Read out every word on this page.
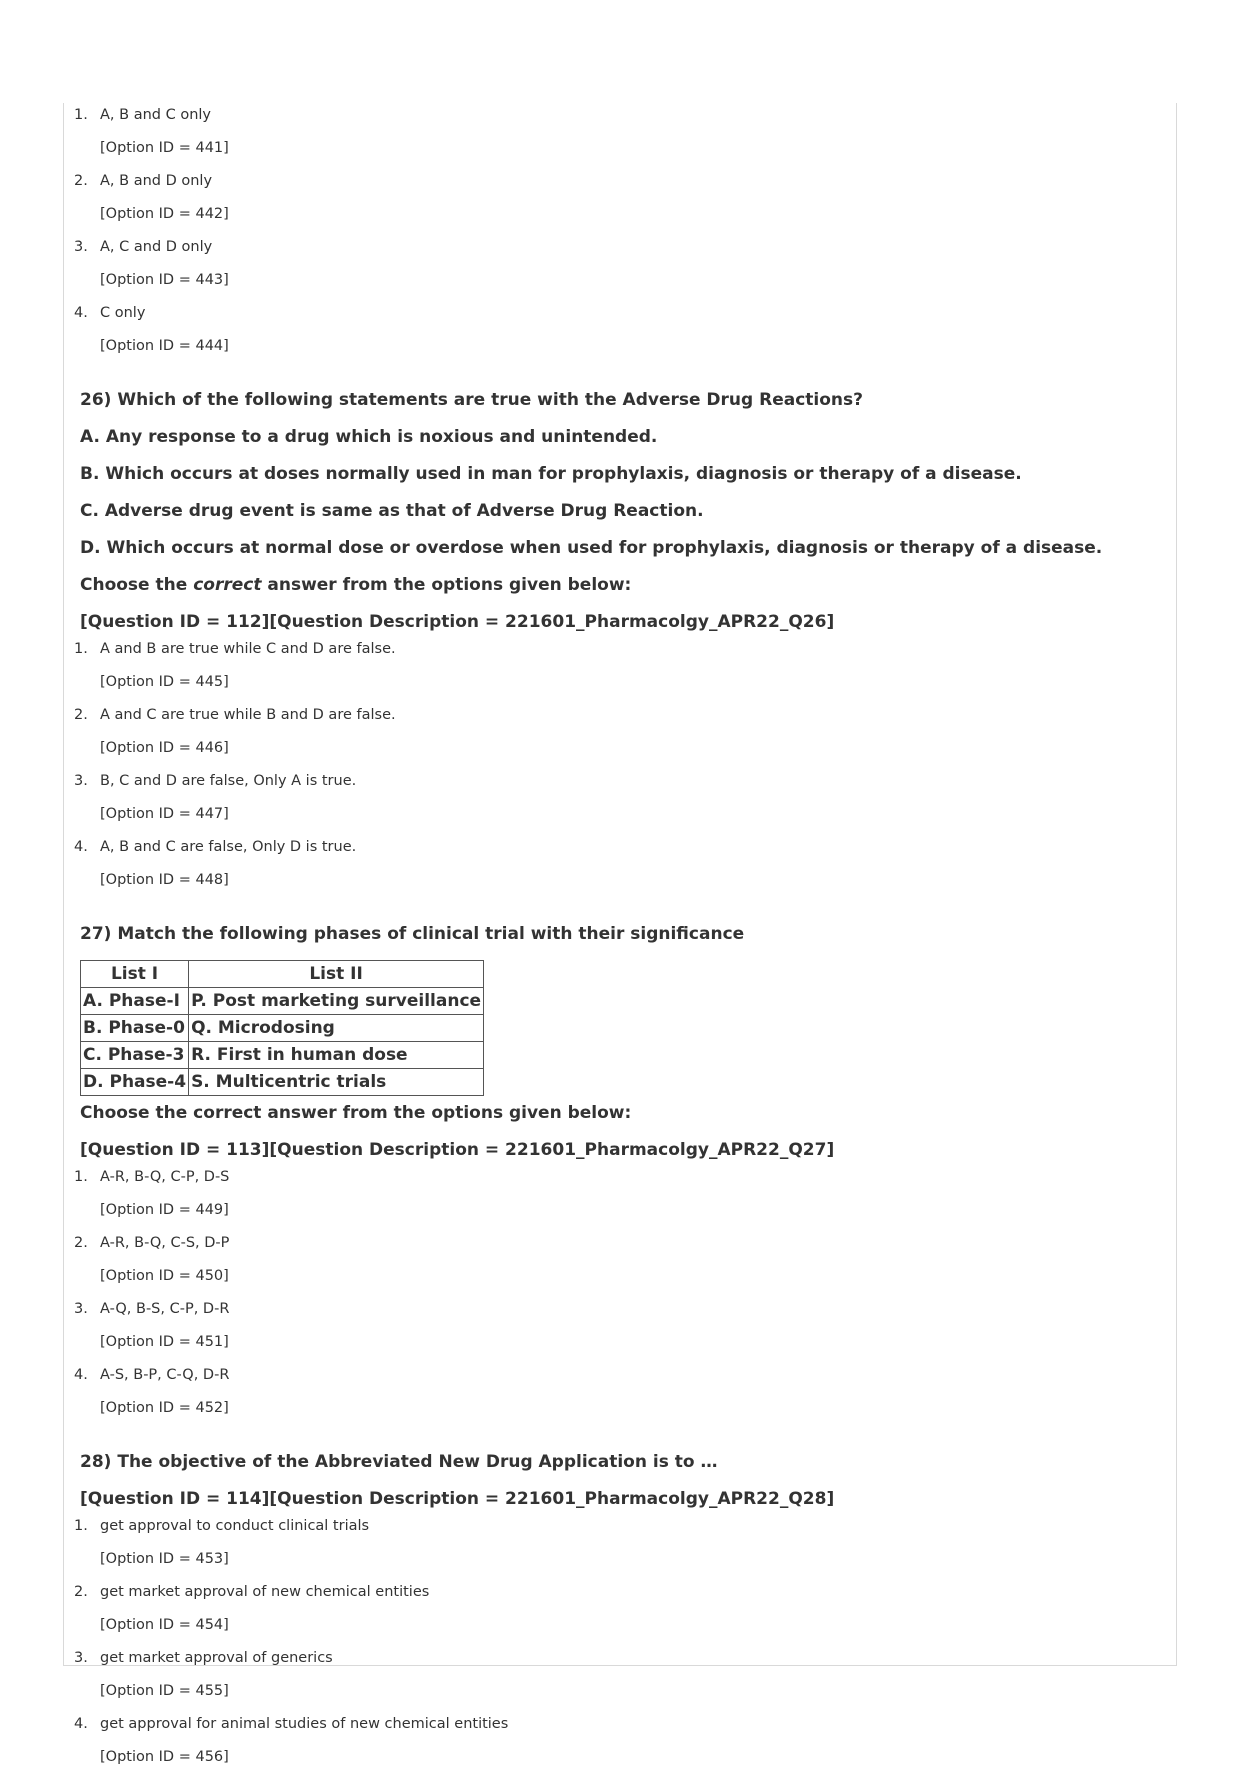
1. A, B and C only
[Option ID = 441]
2. A, B and D only
[Option ID = 442]
3. A, C and D only
[Option ID = 443]
4. C only
[Option ID = 444]

26) Which of the following statements are true with the Adverse Drug Reactions?

A. Any response to a drug which is noxious and unintended.

B. Which occurs at doses normally used in man for prophylaxis, diagnosis or therapy of a disease.

C. Adverse drug event is same as that of Adverse Drug Reaction.

D. Which occurs at normal dose or overdose when used for prophylaxis, diagnosis or therapy of a disease.

Choose the correct answer from the options given below:

[Question ID = 112][Question Description = 221601_Pharmacolgy_APR22_Q26]

1. A and B are true while C and D are false.
[Option ID = 445]
2. A and C are true while B and D are false.
[Option ID = 446]
3. B, C and D are false, Only A is true.
[Option ID = 447]
4. A, B and C are false, Only D is true.
[Option ID = 448]

27) Match the following phases of clinical trial with their significance

List I	List II
A. Phase-I	P. Post marketing surveillance
B. Phase-0	Q. Microdosing
C. Phase-3	R. First in human dose
D. Phase-4	S. Multicentric trials

Choose the correct answer from the options given below:

[Question ID = 113][Question Description = 221601_Pharmacolgy_APR22_Q27]

1. A-R, B-Q, C-P, D-S
[Option ID = 449]
2. A-R, B-Q, C-S, D-P
[Option ID = 450]
3. A-Q, B-S, C-P, D-R
[Option ID = 451]
4. A-S, B-P, C-Q, D-R
[Option ID = 452]

28) The objective of the Abbreviated New Drug Application is to …

[Question ID = 114][Question Description = 221601_Pharmacolgy_APR22_Q28]

1. get approval to conduct clinical trials
[Option ID = 453]
2. get market approval of new chemical entities
[Option ID = 454]
3. get market approval of generics
[Option ID = 455]
4. get approval for animal studies of new chemical entities
[Option ID = 456]
